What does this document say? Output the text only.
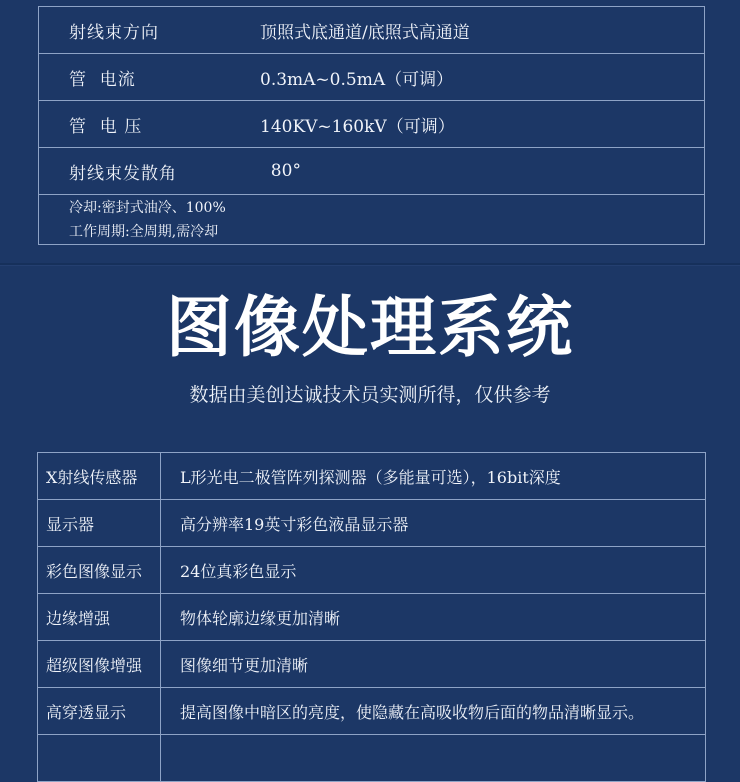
射线束方向	顶照式底通道/底照式高通道
管  电流	0.3mA~0.5mA（可调）
管  电 压	140KV~160kV（可调）
射线束发散角	80°

冷却:密封式油冷、100%
工作周期:全周期,需冷却	
图像处理系统
数据由美创达诚技术员实测所得，仅供参考
X射线传感器	L形光电二极管阵列探测器（多能量可选），16bit深度
显示器	高分辨率19英寸彩色液晶显示器
彩色图像显示	24位真彩色显示
边缘增强	物体轮廓边缘更加清晰
超级图像增强	图像细节更加清晰
高穿透显示	提高图像中暗区的亮度，使隐藏在高吸收物后面的物品清晰显示。
